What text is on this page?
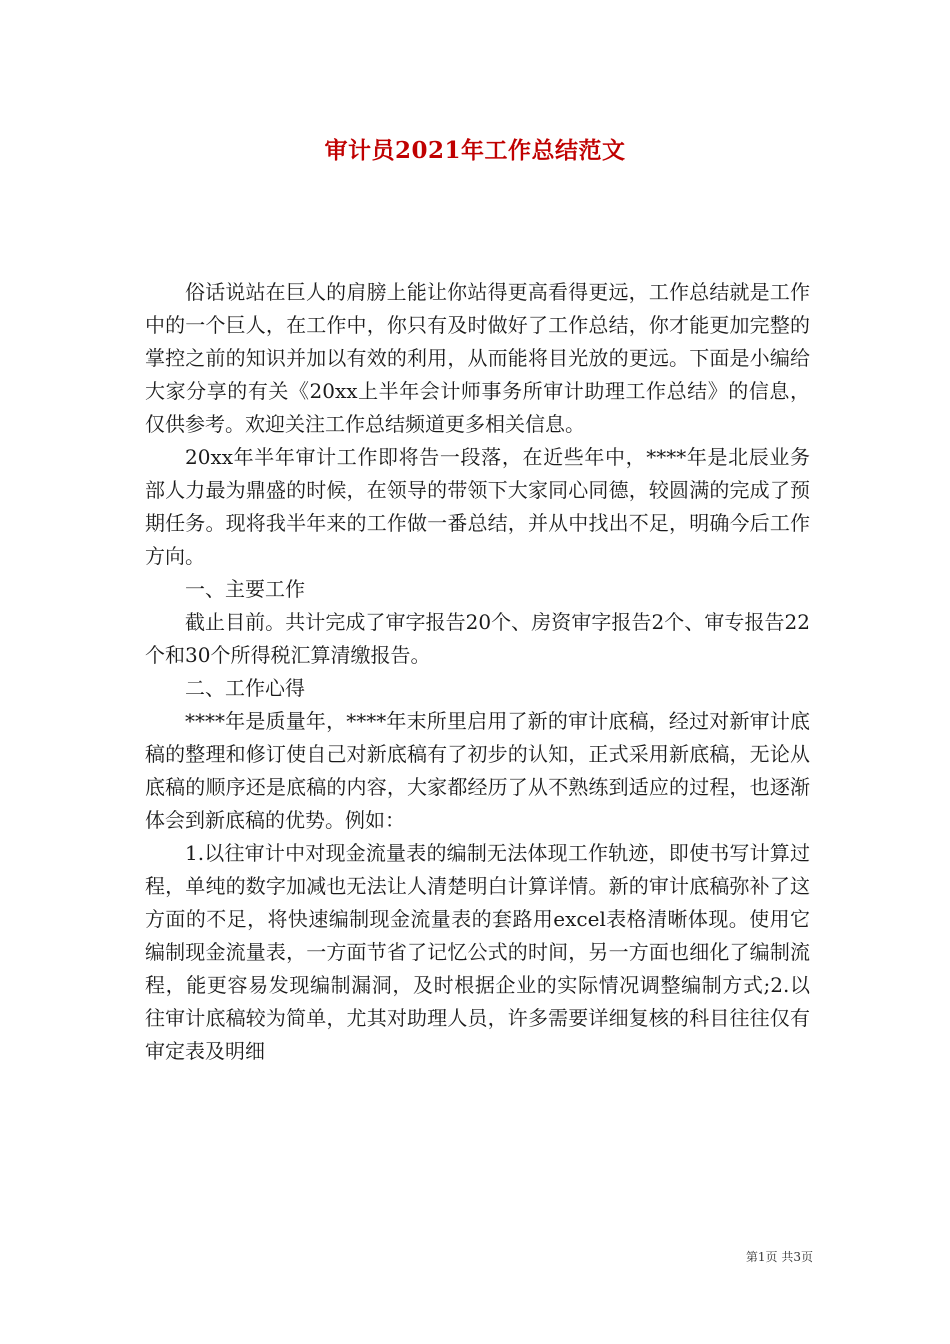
审计员2021年工作总结范文

俗话说站在巨人的肩膀上能让你站得更高看得更远，工作总结就是工作中的一个巨人，在工作中，你只有及时做好了工作总结，你才能更加完整的掌控之前的知识并加以有效的利用，从而能将目光放的更远。下面是小编给大家分享的有关《20xx上半年会计师事务所审计助理工作总结》的信息，仅供参考。欢迎关注工作总结频道更多相关信息。

20xx年半年审计工作即将告一段落，在近些年中，****年是北辰业务部人力最为鼎盛的时候，在领导的带领下大家同心同德，较圆满的完成了预期任务。现将我半年来的工作做一番总结，并从中找出不足，明确今后工作方向。

一、主要工作

截止目前。共计完成了审字报告20个、房资审字报告2个、审专报告22个和30个所得税汇算清缴报告。

二、工作心得

****年是质量年，****年末所里启用了新的审计底稿，经过对新审计底稿的整理和修订使自己对新底稿有了初步的认知，正式采用新底稿，无论从底稿的顺序还是底稿的内容，大家都经历了从不熟练到适应的过程，也逐渐体会到新底稿的优势。例如：

1.以往审计中对现金流量表的编制无法体现工作轨迹，即使书写计算过程，单纯的数字加减也无法让人清楚明白计算详情。新的审计底稿弥补了这方面的不足，将快速编制现金流量表的套路用excel表格清晰体现。使用它编制现金流量表，一方面节省了记忆公式的时间，另一方面也细化了编制流程，能更容易发现编制漏洞，及时根据企业的实际情况调整编制方式;2.以往审计底稿较为简单，尤其对助理人员，许多需要详细复核的科目往往仅有审定表及明细

第1页 共3页
